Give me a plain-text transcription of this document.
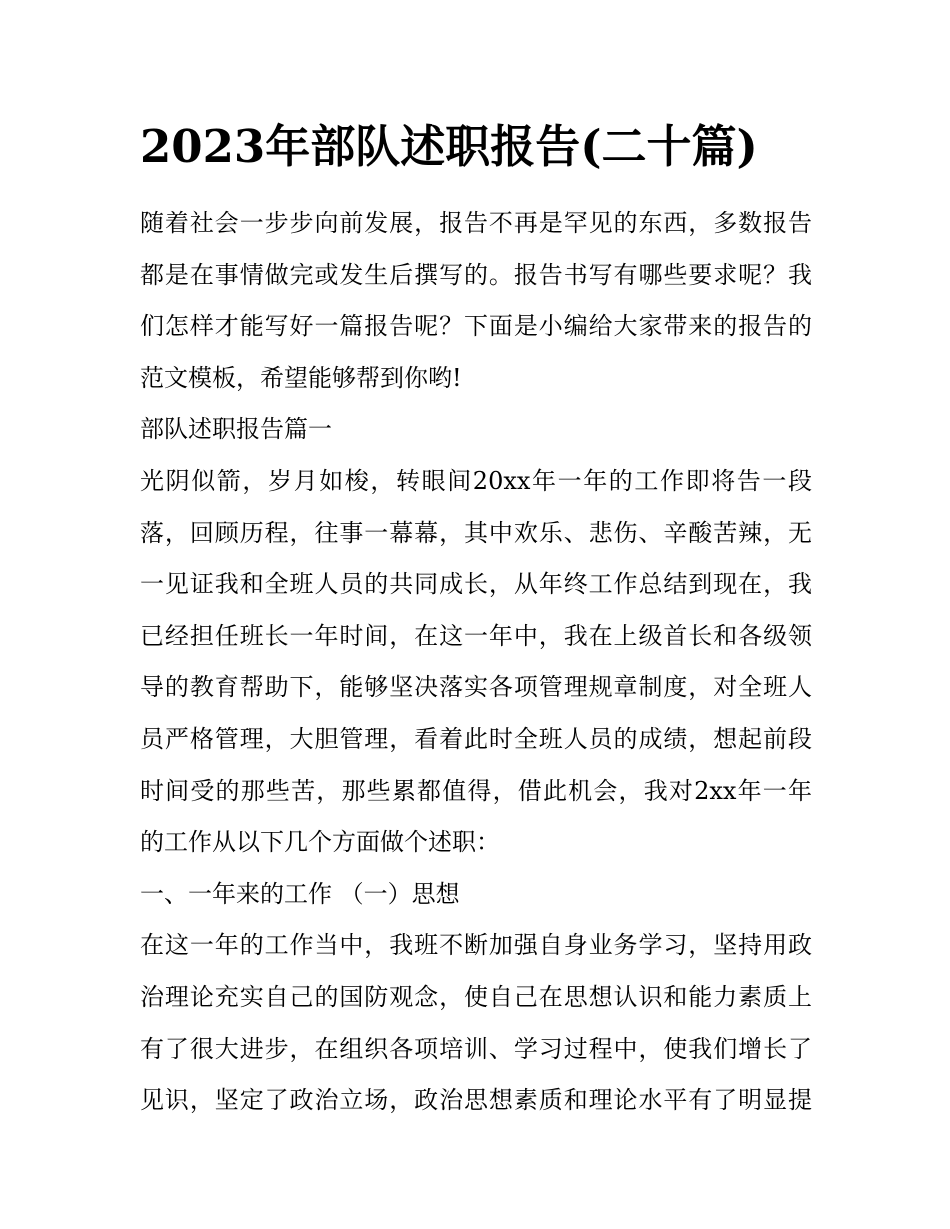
2023年部队述职报告(二十篇)
随着社会一步步向前发展，报告不再是罕见的东西，多数报告
都是在事情做完或发生后撰写的。报告书写有哪些要求呢？我
们怎样才能写好一篇报告呢？下面是小编给大家带来的报告的
范文模板，希望能够帮到你哟!
部队述职报告篇一
光阴似箭，岁月如梭，转眼间20xx年一年的工作即将告一段
落，回顾历程，往事一幕幕，其中欢乐、悲伤、辛酸苦辣，无
一见证我和全班人员的共同成长，从年终工作总结到现在，我
已经担任班长一年时间，在这一年中，我在上级首长和各级领
导的教育帮助下，能够坚决落实各项管理规章制度，对全班人
员严格管理，大胆管理，看着此时全班人员的成绩，想起前段
时间受的那些苦，那些累都值得，借此机会，我对2xx年一年
的工作从以下几个方面做个述职：
一、一年来的工作 （一）思想
在这一年的工作当中，我班不断加强自身业务学习，坚持用政
治理论充实自己的国防观念，使自己在思想认识和能力素质上
有了很大进步，在组织各项培训、学习过程中，使我们增长了
见识，坚定了政治立场，政治思想素质和理论水平有了明显提
